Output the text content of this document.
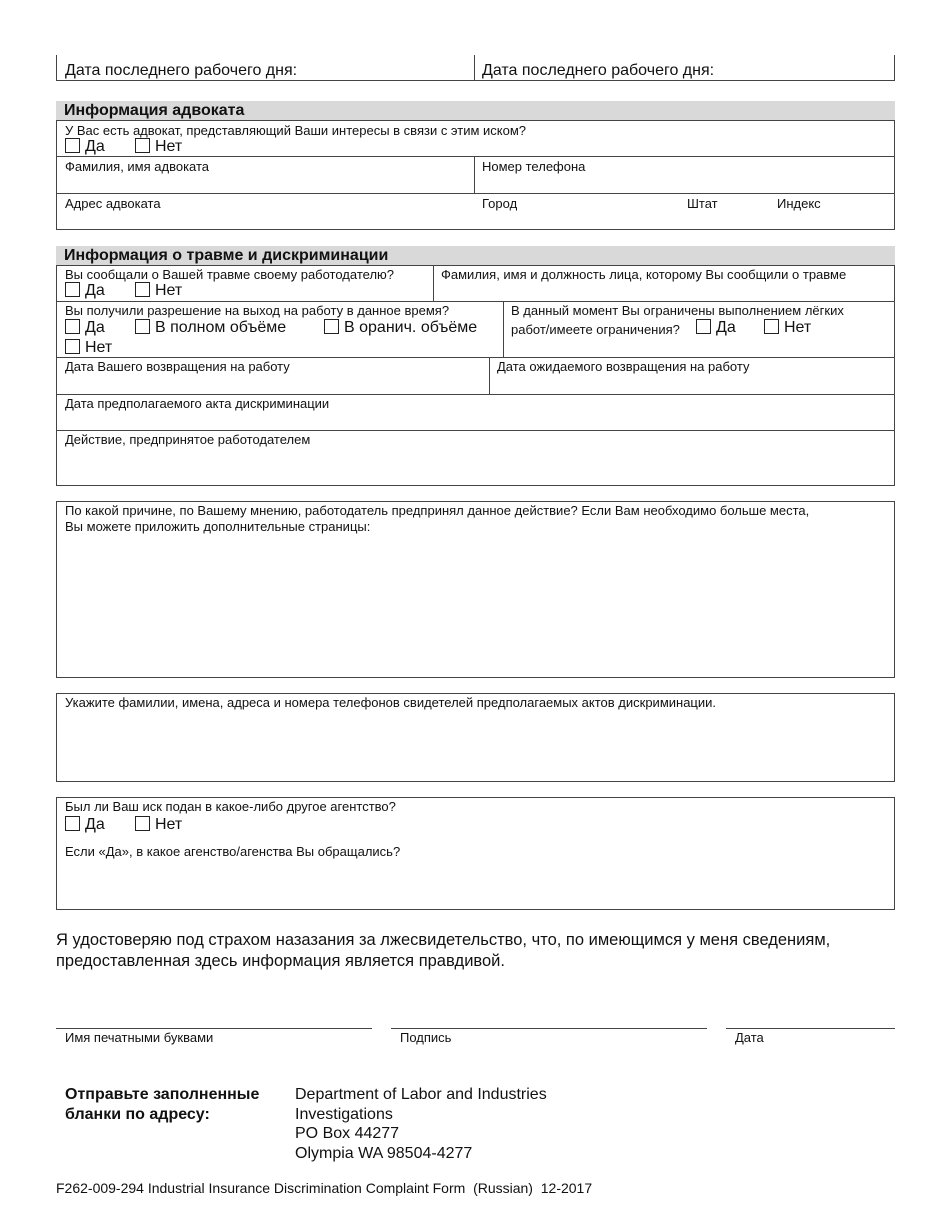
Дата последнего рабочего дня:	Дата последнего рабочего дня:
Информация адвоката
У Вас есть адвокат, представляющий Ваши интересы в связи с этим иском?
Да	Нет
Фамилия, имя адвоката	Номер телефона
Адрес адвоката	Город	Штат	Индекс
Информация о травме и дискриминации
Вы сообщали о Вашей травме своему работодателю?
Да	Нет
Фамилия, имя и должность лица, которому Вы сообщили о травме
Вы получили разрешение на выход на работу в данное время?
Да	В полном объёме	В оранич. объёме
Нет
В данный момент Вы ограничены выполнением лёгких
работ/имеете ограничения?	Да	Нет
Дата Вашего возвращения на работу	Дата ожидаемого возвращения на работу
Дата предполагаемого акта дискриминации
Действие, предпринятое работодателем
По какой причине, по Вашему мнению, работодатель предпринял данное действие? Если Вам необходимо больше места,
Вы можете приложить дополнительные страницы:
Укажите фамилии, имена, адреса и номера телефонов свидетелей предполагаемых актов дискриминации.
Был ли Ваш иск подан в какое-либо другое агентство?
Да	Нет
Если «Да», в какое агенство/агенства Вы обращались?
Я удостоверяю под страхом назазания за лжесвидетельство, что, по имеющимся у меня сведениям,
предоставленная здесь информация является правдивой.
Имя печатными буквами	Подпись	Дата
Отправьте заполненные
бланки по адресу:
Department of Labor and Industries
Investigations
PO Box 44277
Olympia WA 98504-4277
F262-009-294 Industrial Insurance Discrimination Complaint Form  (Russian)  12-2017
